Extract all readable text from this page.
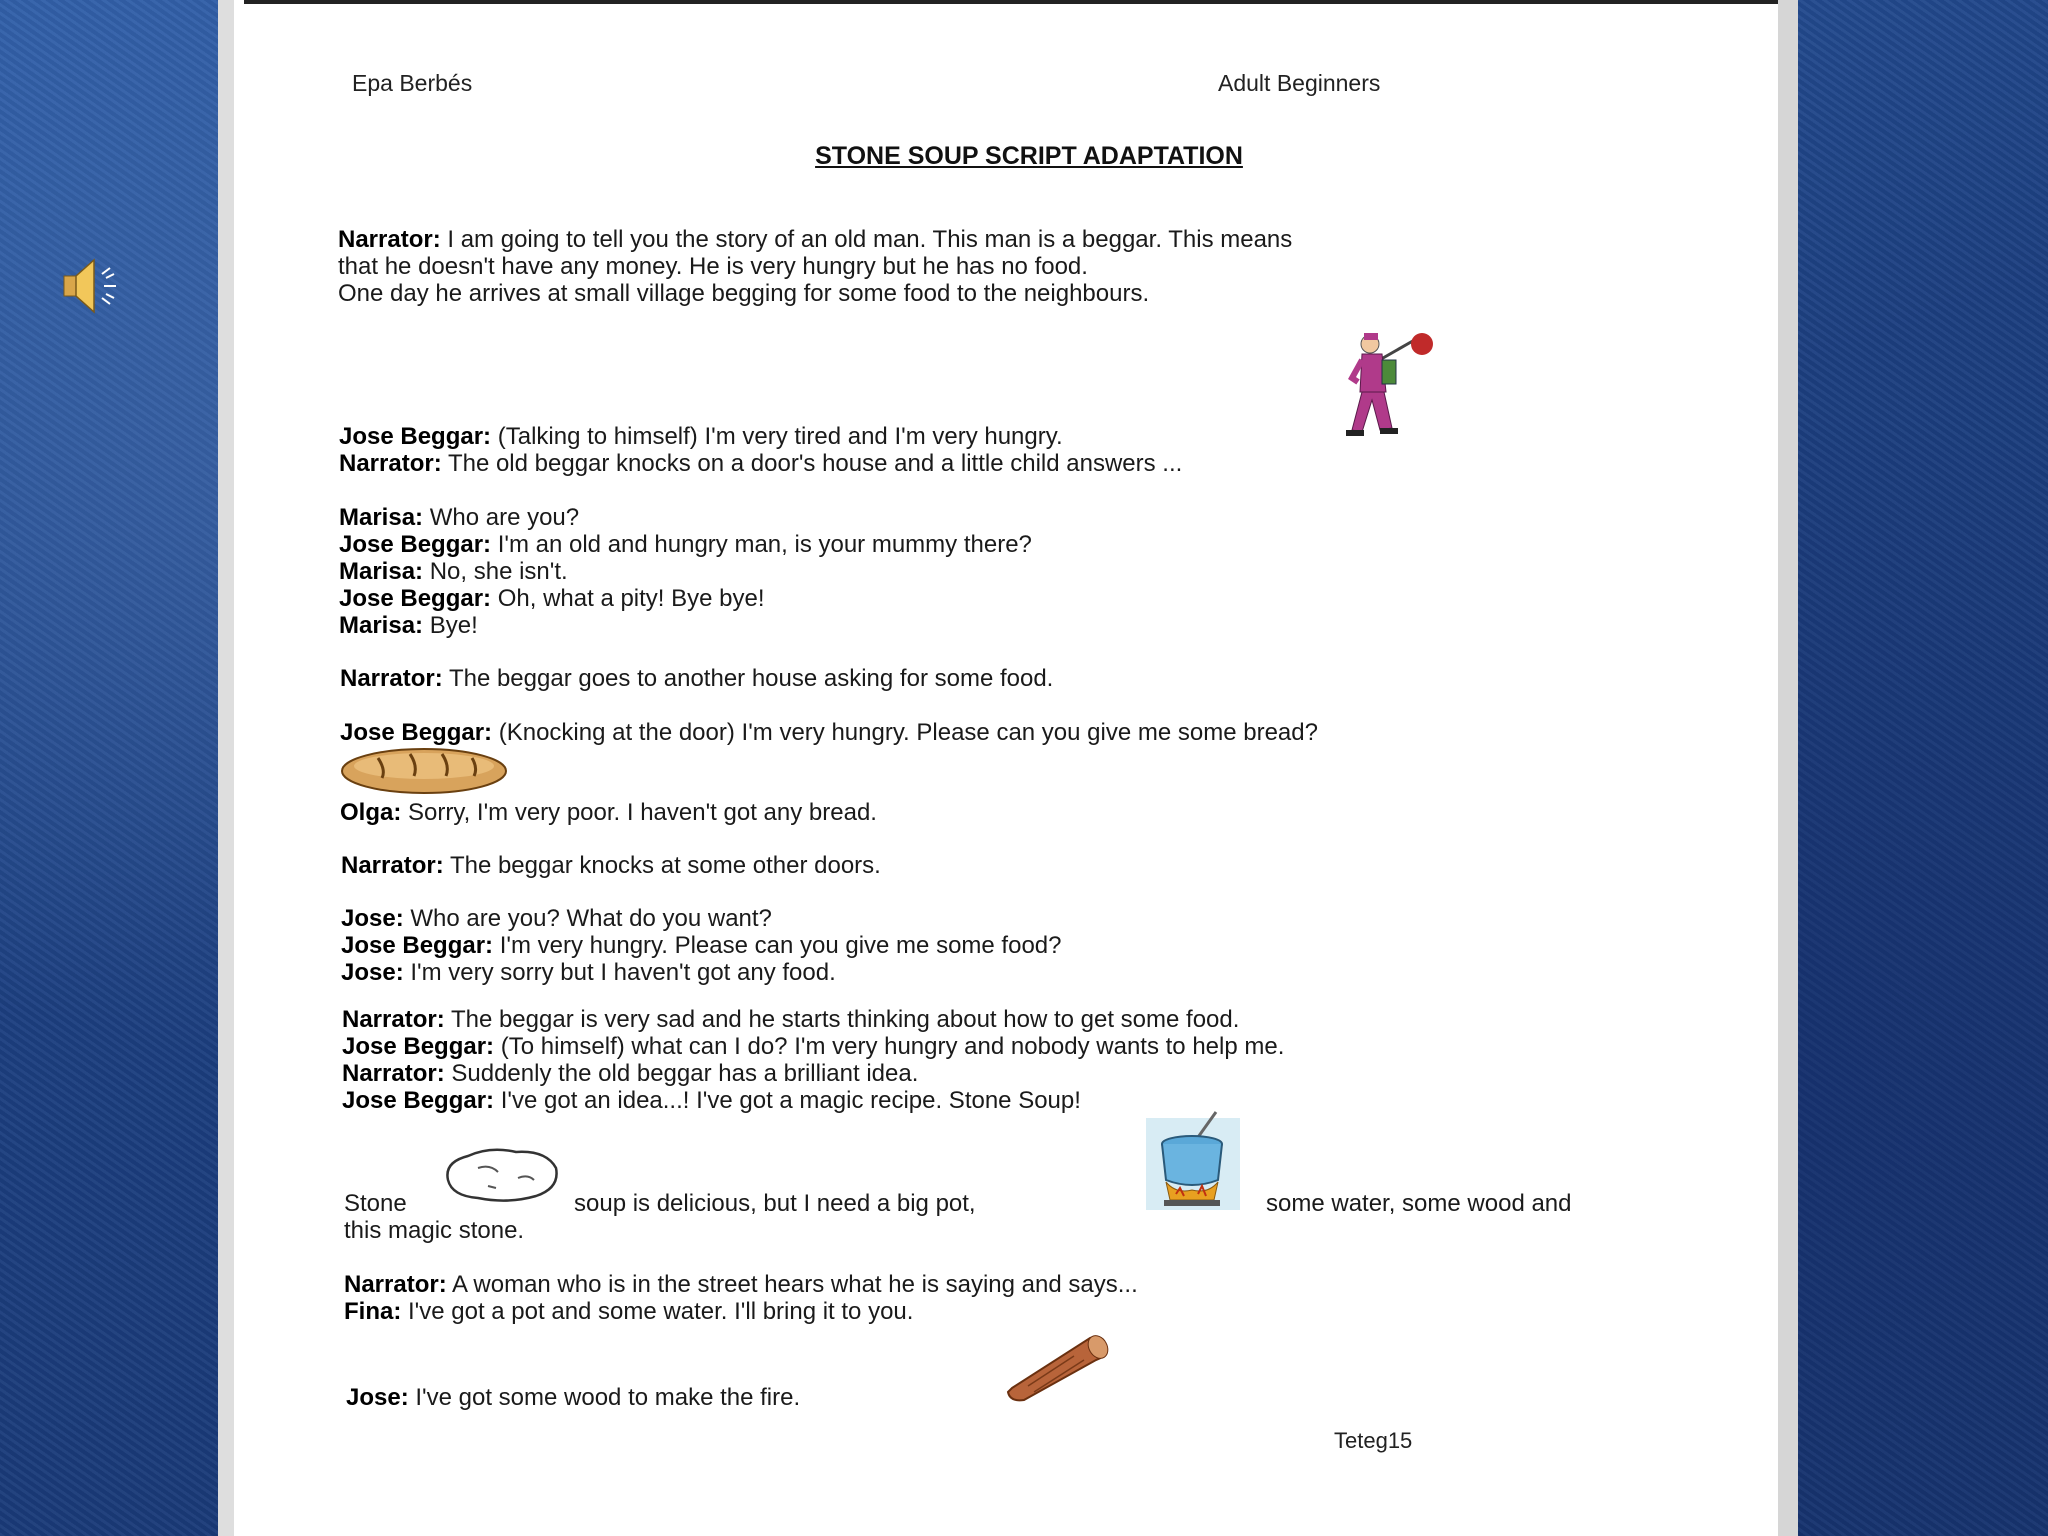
Epa Berbés	Adult Beginners
STONE SOUP SCRIPT ADAPTATION
Narrator: I am going to tell you the story of an old man. This man is a beggar. This means
that he doesn't have any money. He is very hungry but he has no food.
One day he arrives at small village begging for some food to the neighbours.
Jose Beggar: (Talking to himself) I'm very tired and I'm very hungry.
Narrator: The old beggar knocks on a door's house and a little child answers ...
Marisa: Who are you?
Jose Beggar: I'm an old and hungry man, is your mummy there?
Marisa: No, she isn't.
Jose Beggar: Oh, what a pity! Bye bye!
Marisa: Bye!
Narrator: The beggar goes to another house asking for some food.
Jose Beggar: (Knocking at the door) I'm very hungry. Please can you give me some bread?
Olga: Sorry, I'm very poor. I haven't got any bread.
Narrator: The beggar knocks at some other doors.
Jose: Who are you? What do you want?
Jose Beggar: I'm very hungry. Please can you give me some food?
Jose: I'm very sorry but I haven't got any food.
Narrator: The beggar is very sad and he starts thinking about how to get some food.
Jose Beggar: (To himself) what can I do? I'm very hungry and nobody wants to help me.
Narrator: Suddenly the old beggar has a brilliant idea.
Jose Beggar: I've got an idea...! I've got a magic recipe. Stone Soup!
Stone	soup is delicious, but I need a big pot,	some water, some wood and
this magic stone.
Narrator: A woman who is in the street hears what he is saying and says...
Fina: I've got a pot and some water. I'll bring it to you.
Jose: I've got some wood to make the fire.
Teteg15
